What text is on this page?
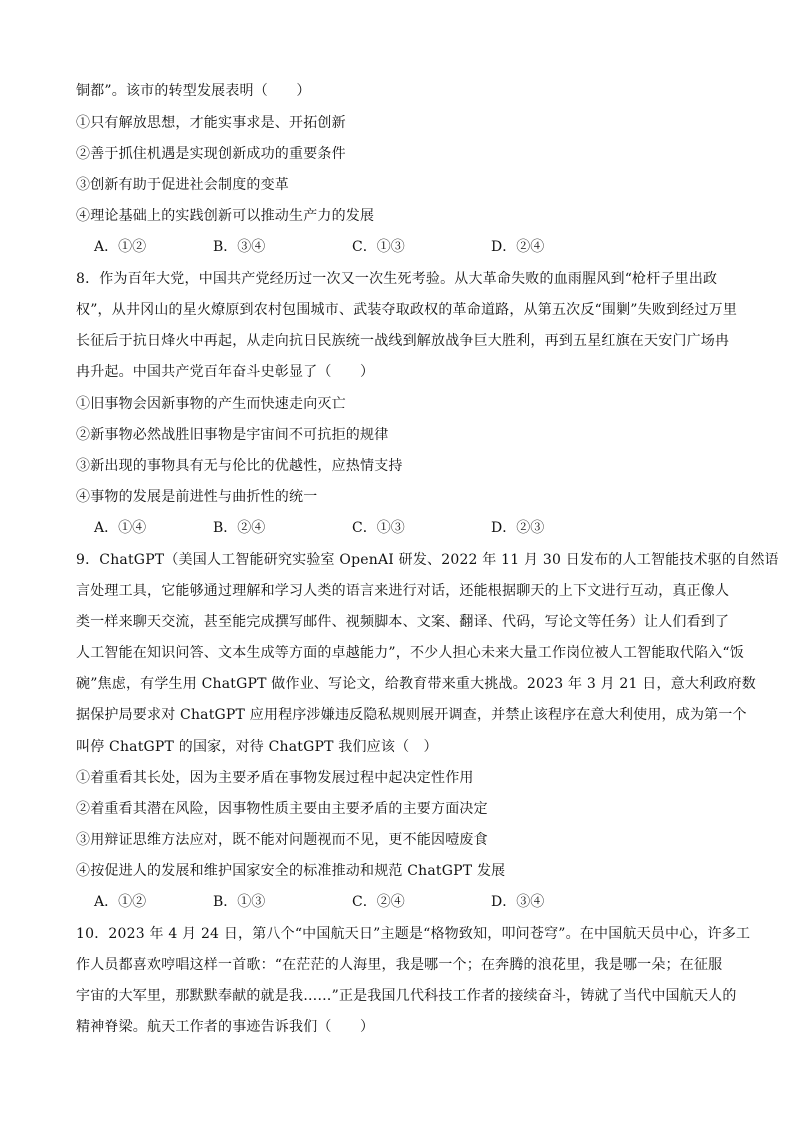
铜都”。该市的转型发展表明（　　）
①只有解放思想，才能实事求是、开拓创新
②善于抓住机遇是实现创新成功的重要条件
③创新有助于促进社会制度的变革
④理论基础上的实践创新可以推动生产力的发展
A．①②	B．③④	C．①③	D．②④
8．作为百年大党，中国共产党经历过一次又一次生死考验。从大革命失败的血雨腥风到“枪杆子里出政
权”，从井冈山的星火燎原到农村包围城市、武装夺取政权的革命道路，从第五次反“围剿”失败到经过万里
长征后于抗日烽火中再起，从走向抗日民族统一战线到解放战争巨大胜利，再到五星红旗在天安门广场冉
冉升起。中国共产党百年奋斗史彰显了（　　）
①旧事物会因新事物的产生而快速走向灭亡
②新事物必然战胜旧事物是宇宙间不可抗拒的规律
③新出现的事物具有无与伦比的优越性，应热情支持
④事物的发展是前进性与曲折性的统一
A．①④	B．②④	C．①③	D．②③
9．ChatGPT（美国人工智能研究实验室 OpenAI 研发、2022 年 11 月 30 日发布的人工智能技术驱的自然语
言处理工具，它能够通过理解和学习人类的语言来进行对话，还能根据聊天的上下文进行互动，真正像人
类一样来聊天交流，甚至能完成撰写邮件、视频脚本、文案、翻译、代码，写论文等任务）让人们看到了
人工智能在知识问答、文本生成等方面的卓越能力”，不少人担心未来大量工作岗位被人工智能取代陷入“饭
碗”焦虑，有学生用 ChatGPT 做作业、写论文，给教育带来重大挑战。2023 年 3 月 21 日，意大利政府数
据保护局要求对 ChatGPT 应用程序涉嫌违反隐私规则展开调查，并禁止该程序在意大利使用，成为第一个
叫停 ChatGPT 的国家，对待 ChatGPT 我们应该（　）
①着重看其长处，因为主要矛盾在事物发展过程中起决定性作用
②着重看其潜在风险，因事物性质主要由主要矛盾的主要方面决定
③用辩证思维方法应对，既不能对问题视而不见，更不能因噎废食
④按促进人的发展和维护国家安全的标准推动和规范 ChatGPT 发展
A．①②	B．①③	C．②④	D．③④
10．2023 年 4 月 24 日，第八个“中国航天日”主题是“格物致知，叩问苍穹”。在中国航天员中心，许多工
作人员都喜欢哼唱这样一首歌：“在茫茫的人海里，我是哪一个；在奔腾的浪花里，我是哪一朵；在征服
宇宙的大军里，那默默奉献的就是我……”正是我国几代科技工作者的接续奋斗，铸就了当代中国航天人的
精神脊梁。航天工作者的事迹告诉我们（　　）
